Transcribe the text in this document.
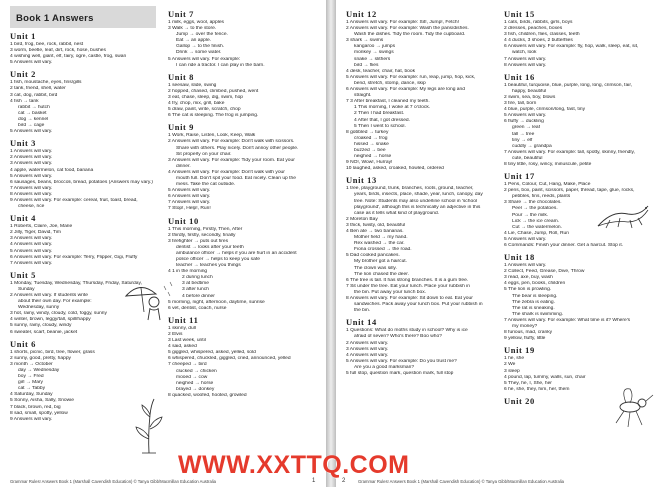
Book 1 Answers
Unit 1
1 bird, frog, bee, rock, rabbit, nest
3 worm, beetle, leaf, dirt, rock, hose, bushes
4 wishing well, giant, elf, fairy, ogre, castle, frog, swan
5 Answers will vary.
Unit 2
1 fish, moustache, eyes, fins/gills
2 tank, friend, shell, water
3 cat, dog, rabbit, bird
4 fish → tank
rabbit → hutch
cat → basket
dog → kennel
bird → cage
5 Answers will vary.
Unit 3
1 Answers will vary.
2 Answers will vary.
3 Answers will vary.
4 apple, watermelon, cat food, banana
5 Answers will vary.
6 sausages, beans, broccoli, bread, potatoes (Answers may vary.)
7 Answers will vary.
8 Answers will vary.
9 Answers will vary. For example: cereal, fruit, toast, bread,
cheese, rice
Unit 4
1 Roberts, Claire, Joe, Marie
2 Jilly, Tiger, David, Tim
3 Answers will vary.
4 Answers will vary.
5 Answers will vary.
6 Answers will vary. For example: Terry, Flipper, Gigi, Fluffy
7 Answers will vary.
Unit 5
1 Monday, Tuesday, Wednesday, Thursday, Friday, Saturday,
Sunday
2 Answers will vary. If students write
about their own day. For example:
Wednesday, sunny
3 hot, rainy, windy, cloudy, cold, foggy, sunny
4 winter, brown, leggy/tall, spill/happy
5 sunny, rainy, cloudy, windy
6 sweater, scarf, beanie, jacket
Unit 6
1 shorts, picnic, bird, tree, flower, grass
2 sunny, good, pretty, happy
3 month → October
day → Wednesday
boy → Fred
girl → Mary
cat → Tabby
4 Saturday, Sunday
5 Sonny, Aisha, Sally, Snowie
7 black, brown, red, big
8 sad, small, spotty, yellow
9 Answers will vary.
Unit 7
1 milk, eggs, wool, apples
3 Walk → to the store.
Jump → over the fence.
Eat → an apple.
Gallop → to the finish.
Drink → some water.
5 Answers will vary. For example:
I can ride a tractor. I can play in the barn.
Unit 8
1 seesaw, slide, swing
2 hopped, chased, climbed, pushed, went
3 eat, chase, sleep, dig, swim, hop
4 fry, chop, mix, grill, bake
5 draw, paint, write, scratch, chop
6 The cat is sleeping. The frog is jumping.
Unit 9
1 Work, Raise, Listen, Look, Keep, Walk
2 Answers will vary. For example: Don't walk with scissors.
Share with others. Play nicely. Don't annoy other people.
Sit properly on your chair.
3 Answers will vary. For example: Tidy your room. Eat your
dinner.
4 Answers will vary. For example: Don't walk with your
mouth full. Don't spit your food. Eat nicely. Clean up the
mess. Take the cat outside.
5 Answers will vary.
6 Answers will vary.
7 Answers will vary.
7 Stop!, Help!, Run!
Unit 10
1 This morning, Firstly, Then, After
2 thirdly, firstly, secondly, finally
3 firefighter → puts out fires
dentist → looks after your teeth
ambulance officer → helps if you are hurt in an accident
police officer → helps to keep you safe
teacher → teaches you things
4 1 in the morning
2 during lunch
3 at bedtime
3 after lunch
4 before dinner
5 morning, night, afternoon, daytime, sunrise
6 vet, dentist, coach, nurse
Unit 11
1 skinny, dull
2 Elvis
3 Last week, until
4 said, asked
5 giggled, whispered, asked, yelled, sold
6 whispered, chuckled, giggled, cried, announced, yelled
7 cheeped → bird
clucked → chicken
mooed → cow
neighed → horse
brayed → donkey
8 quacked, woofed, hooted, growled
Grammar Rules! Answers Book 1 (Marshall Cavendish Education) © Tanya Gibb/Macmillan Education Australia	1
Unit 12
1 Answers will vary. For example: Sit!, Jump!, Fetch!
2 Answers will vary. For example: Wash the pans/dishes.
Wash the dishes. Tidy the room. Tidy the cupboard.
3 shark → swims
kangaroo → jumps
monkey → swings
snake → slithers
bird → flies
4 desk, teacher, chair, hat, book
5 Answers will vary. For example: run, leap, jump, hop, kick,
bend, stretch, stomp, dance, skip
6 Answers will vary. For example: My legs are long and
straight.
7 3 After breakfast, I cleaned my teeth.
1 This morning, I woke at 7 o'clock.
2 Then I had breakfast.
4 After that, I got dressed.
5 Then I went to school.
8 gobbled → turkey
croaked → frog
hissed → snake
buzzed → bee
neighed → horse
9 NO!, Wow!, Hurray!
10 laughed, asked, croaked, howled, ordered
Unit 13
1 tree, playground, trunk, branches, roots, ground, teacher,
years, birds, insects, place, shade, year, lunch, canopy, day
tree. Note: Students may also underline school in 'school
playground', although this is technically an adjective in this
case as it tells what kind of playground.
2 Moreton Bay
3 thick, twisty, old, beautiful
4 Ben ate → two bananas.
Mother held → my hand.
Rex washed → the car.
Fiona crossed → the road.
5 Dad cooked pancakes.
My brother got a haircut.
The clown was silly.
The lion chased the deer.
6 The tree is tall. It has strong branches. It is a gum tree.
7 Sit under the tree. Eat your lunch. Place your rubbish in
the bin. Put away your lunch box.
8 Answers will vary. For example: Sit down to eat. Eat your
sandwiches. Pack away your lunch box. Put your rubbish in
the bin.
Unit 14
1 Questions: What do moths study in school? Why is ice
afraid of seven? Who's there? Boo who?
2 Answers will vary.
3 Answers will vary.
4 Answers will vary.
5 Answers will vary. For example: Do you trust me?
Are you a good marksman?
5 full stop, question mark, question mark, full stop
Unit 15
1 cats, birds, rabbits, girls, boys
2 dresses, peaches, boxes
3 fish, children, flies, classes, teeth
4 4 ducks, 3 shoes, 2 butterflies
6 Answers will vary. For example: fly, hop, walk, sleep, eat, sit,
watch, look
7 Answers will vary.
8 Answers will vary.
Unit 16
1 beautiful, turquoise, blue, purple, long, long, crimson, fair,
happy, beautiful
2 swim, sea, boy, blows
3 fire, tall, born
4 blue, purple, crimson/long, fast, tiny
5 Answers will vary.
6 fluffy → duckling
green → leaf
tall → tree
tiny → elf
cuddly → grandpa
7 Answers will vary. For example: tall, spotty, skinny, friendly,
cute, beautiful
8 tiny little, rosy, wincy, minuscule, petite
Unit 17
1 Pens, Colour, Cut, Hang, Make, Place
2 pens, box, paint, scissors, paper, thread, tape, glue, rocks,
pebbles, fins, reeds, plants
3 Share → the chocolates.
Peel → the potatoes.
Pour → the milk.
Lick → the ice cream.
Cut → the watermelon.
4 Lie, Chase, Jump, Roll, Run
5 Answers will vary.
6 Commands: Finish your dinner. Get a haircut. Stop it.
Unit 18
1 Answers will vary.
2 Collect, Feed, Grease, Dive, Throw
3 read, axe, buy, wash
4 eggs, pen, books, children
5 The lion is prowling.
The bear is sleeping.
The zebra is eating.
The rat is sneaking.
The shark is swimming.
7 Answers will vary. For example: What time is it? Where's
my money?
8 furious, mad, cranky
9 yellow, fluffy, little
Unit 19
1 he, she
2 We
3 sleep
4 pound, lap, tummy, walls, sun, chair
5 They, he, I, She, her
6 he, she, they, him, her, them
Unit 20
2	Grammar Rules! Answers Book 1 (Marshall Cavendish Education) © Tanya Gibb/Macmillan Education Australia
WWW.XXTTQ.COM
